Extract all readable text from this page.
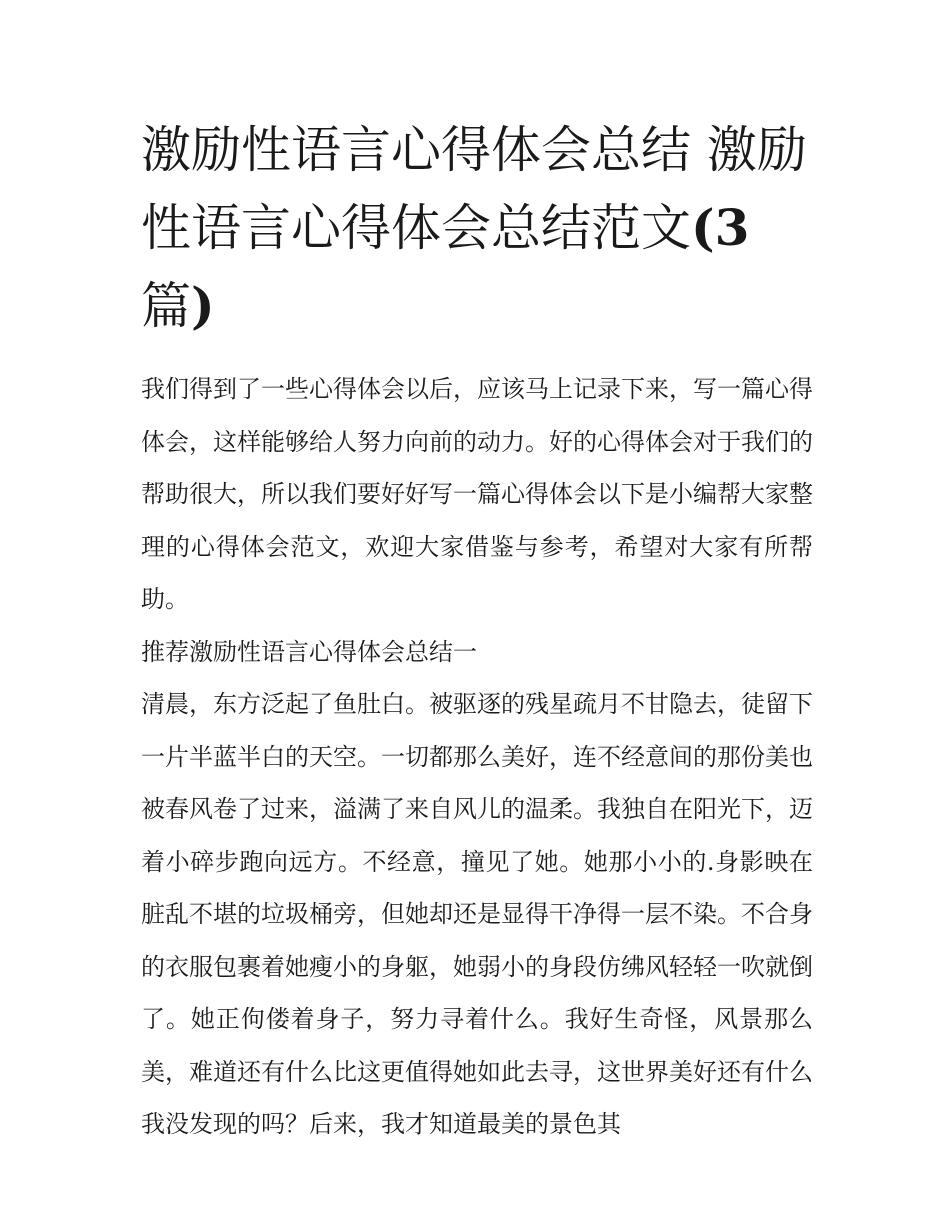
激励性语言心得体会总结 激励性语言心得体会总结范文(3
篇)

我们得到了一些心得体会以后，应该马上记录下来，写一篇心得体会，这样能够给人努力向前的动力。好的心得体会对于我们的帮助很大，所以我们要好好写一篇心得体会以下是小编帮大家整理的心得体会范文，欢迎大家借鉴与参考，希望对大家有所帮助。

推荐激励性语言心得体会总结一

清晨，东方泛起了鱼肚白。被驱逐的残星疏月不甘隐去，徒留下一片半蓝半白的天空。一切都那么美好，连不经意间的那份美也被春风卷了过来，溢满了来自风儿的温柔。我独自在阳光下，迈着小碎步跑向远方。不经意，撞见了她。她那小小的.身影映在脏乱不堪的垃圾桶旁，但她却还是显得干净得一层不染。不合身的衣服包裹着她瘦小的身躯，她弱小的身段仿绋风轻轻一吹就倒了。她正佝偻着身子，努力寻着什么。我好生奇怪，风景那么美，难道还有什么比这更值得她如此去寻，这世界美好还有什么我没发现的吗？后来，我才知道最美的景色其
